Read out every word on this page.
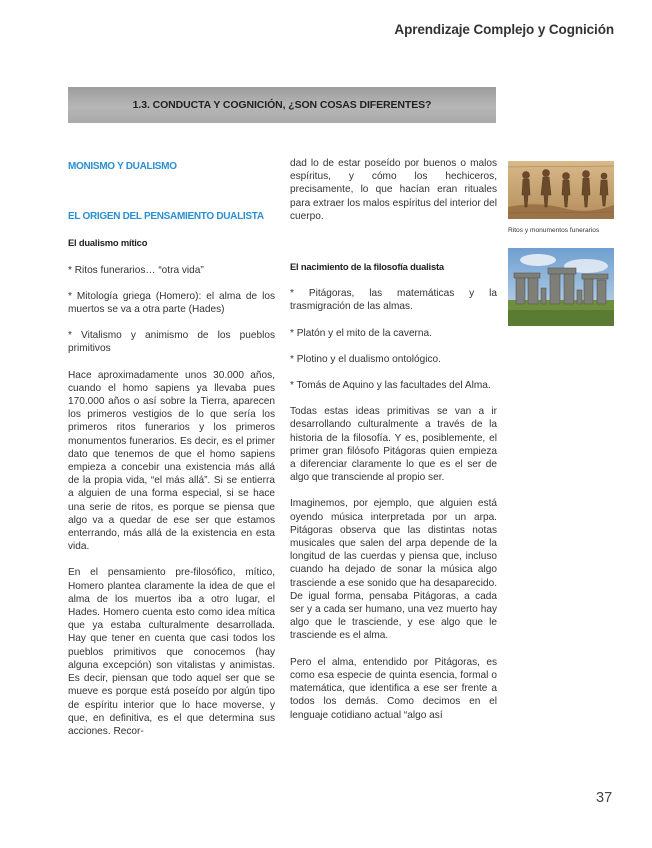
Aprendizaje Complejo y Cognición
1.3. CONDUCTA Y COGNICIÓN, ¿SON COSAS DIFERENTES?

MONISMO Y DUALISMO

EL ORIGEN DEL PENSAMIENTO DUALISTA

El dualismo mítico

* Ritos funerarios… “otra vida”

* Mitología griega (Homero): el alma de los muertos se va a otra parte (Hades)

* Vitalismo y animismo de los pueblos primitivos

Hace aproximadamente unos 30.000 años, cuando el homo sapiens ya llevaba pues 170.000 años o así sobre la Tierra, aparecen los primeros vestigios de lo que sería los primeros ritos funerarios y los primeros monumentos funerarios. Es decir, es el primer dato que tenemos de que el homo sapiens empieza a concebir una existencia más allá de la propia vida, “el más allá”. Si se entierra a alguien de una forma especial, si se hace una serie de ritos, es porque se piensa que algo va a quedar de ese ser que estamos enterrando, más allá de la existencia en esta vida.

En el pensamiento pre-filosófico, mítico, Homero plantea claramente la idea de que el alma de los muertos iba a otro lugar, el Hades. Homero cuenta esto como idea mítica que ya estaba culturalmente desarrollada. Hay que tener en cuenta que casi todos los pueblos primitivos que conocemos (hay alguna excepción) son vitalistas y animistas. Es decir, piensan que todo aquel ser que se mueve es porque está poseído por algún tipo de espíritu interior que lo hace moverse, y que, en definitiva, es el que determina sus acciones. Recor-

dad lo de estar poseído por buenos o malos espíritus, y cómo los hechiceros, precisamente, lo que hacían eran rituales para extraer los malos espíritus del interior del cuerpo.

El nacimiento de la filosofía dualista

* Pitágoras, las matemáticas y la trasmigración de las almas.

* Platón y el mito de la caverna.

* Plotino y el dualismo ontológico.

* Tomás de Aquino y las facultades del Alma.

Todas estas ideas primitivas se van a ir desarrollando culturalmente a través de la historia de la filosofía. Y es, posiblemente, el primer gran filósofo Pitágoras quien empieza a diferenciar claramente lo que es el ser de algo que transciende al propio ser.

Imaginemos, por ejemplo, que alguien está oyendo música interpretada por un arpa. Pitágoras observa que las distintas notas musicales que salen del arpa depende de la longitud de las cuerdas y piensa que, incluso cuando ha dejado de sonar la música algo trasciende a ese sonido que ha desaparecido. De igual forma, pensaba Pitágoras, a cada ser y a cada ser humano, una vez muerto hay algo que le trasciende, y ese algo que le trasciende es el alma.

Pero el alma, entendido por Pitágoras, es como esa especie de quinta esencia, formal o matemática, que identifica a ese ser frente a todos los demás. Como decimos en el lenguaje cotidiano actual “algo así

Ritos y monumentos funerarios
37
